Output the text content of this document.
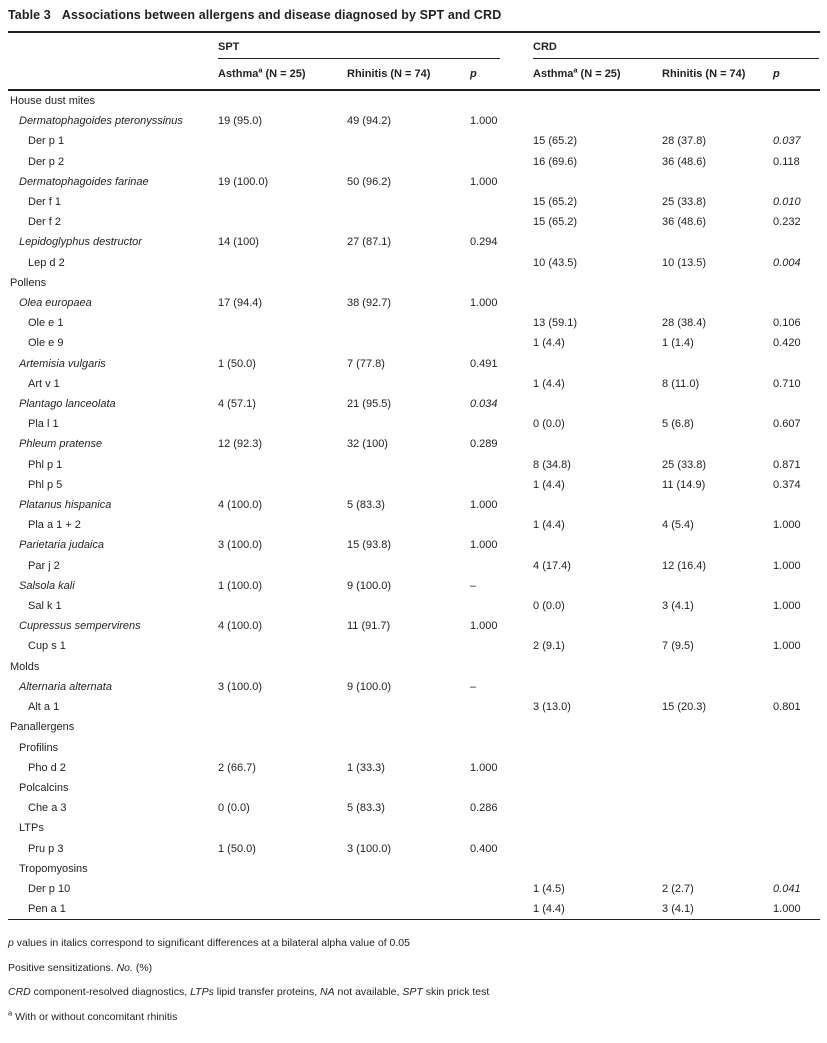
Table 3 Associations between allergens and disease diagnosed by SPT and CRD

	SPT			CRD		

	Asthma$^a$ (N = 25)	Rhinitis (N = 74)	p	Asthma$^a$ (N = 25)	Rhinitis (N = 74)	p
House dust mites						
Dermatophagoides pteronyssinus	19 (95.0)	49 (94.2)	1.000			
Der p 1				15 (65.2)	28 (37.8)	0.037
Der p 2				16 (69.6)	36 (48.6)	0.118
Dermatophagoides farinae	19 (100.0)	50 (96.2)	1.000			
Der f 1				15 (65.2)	25 (33.8)	0.010
Der f 2				15 (65.2)	36 (48.6)	0.232
Lepidoglyphus destructor	14 (100)	27 (87.1)	0.294			
Lep d 2				10 (43.5)	10 (13.5)	0.004
Pollens						
Olea europaea	17 (94.4)	38 (92.7)	1.000			
Ole e 1				13 (59.1)	28 (38.4)	0.106
Ole e 9				1 (4.4)	1 (1.4)	0.420
Artemisia vulgaris	1 (50.0)	7 (77.8)	0.491			
Art v 1				1 (4.4)	8 (11.0)	0.710
Plantago lanceolata	4 (57.1)	21 (95.5)	0.034			
Pla l 1				0 (0.0)	5 (6.8)	0.607
Phleum pratense	12 (92.3)	32 (100)	0.289			
Phl p 1				8 (34.8)	25 (33.8)	0.871
Phl p 5				1 (4.4)	11 (14.9)	0.374
Platanus hispanica	4 (100.0)	5 (83.3)	1.000			
Pla a 1 + 2				1 (4.4)	4 (5.4)	1.000
Parietaria judaica	3 (100.0)	15 (93.8)	1.000			
Par j 2				4 (17.4)	12 (16.4)	1.000
Salsola kali	1 (100.0)	9 (100.0)	–			
Sal k 1				0 (0.0)	3 (4.1)	1.000
Cupressus sempervirens	4 (100.0)	11 (91.7)	1.000			
Cup s 1				2 (9.1)	7 (9.5)	1.000
Molds						
Alternaria alternata	3 (100.0)	9 (100.0)	–			
Alt a 1				3 (13.0)	15 (20.3)	0.801
Panallergens						
Profilins						
Pho d 2	2 (66.7)	1 (33.3)	1.000			
Polcalcins						
Che a 3	0 (0.0)	5 (83.3)	0.286			
LTPs						
Pru p 3	1 (50.0)	3 (100.0)	0.400			
Tropomyosins						
Der p 10				1 (4.5)	2 (2.7)	0.041
Pen a 1				1 (4.4)	3 (4.1)	1.000
p values in italics correspond to significant differences at a bilateral alpha value of 0.05
Positive sensitizations. No. (%)
CRD component-resolved diagnostics, LTPs lipid transfer proteins, NA not available, SPT skin prick test
$^a$ With or without concomitant rhinitis
